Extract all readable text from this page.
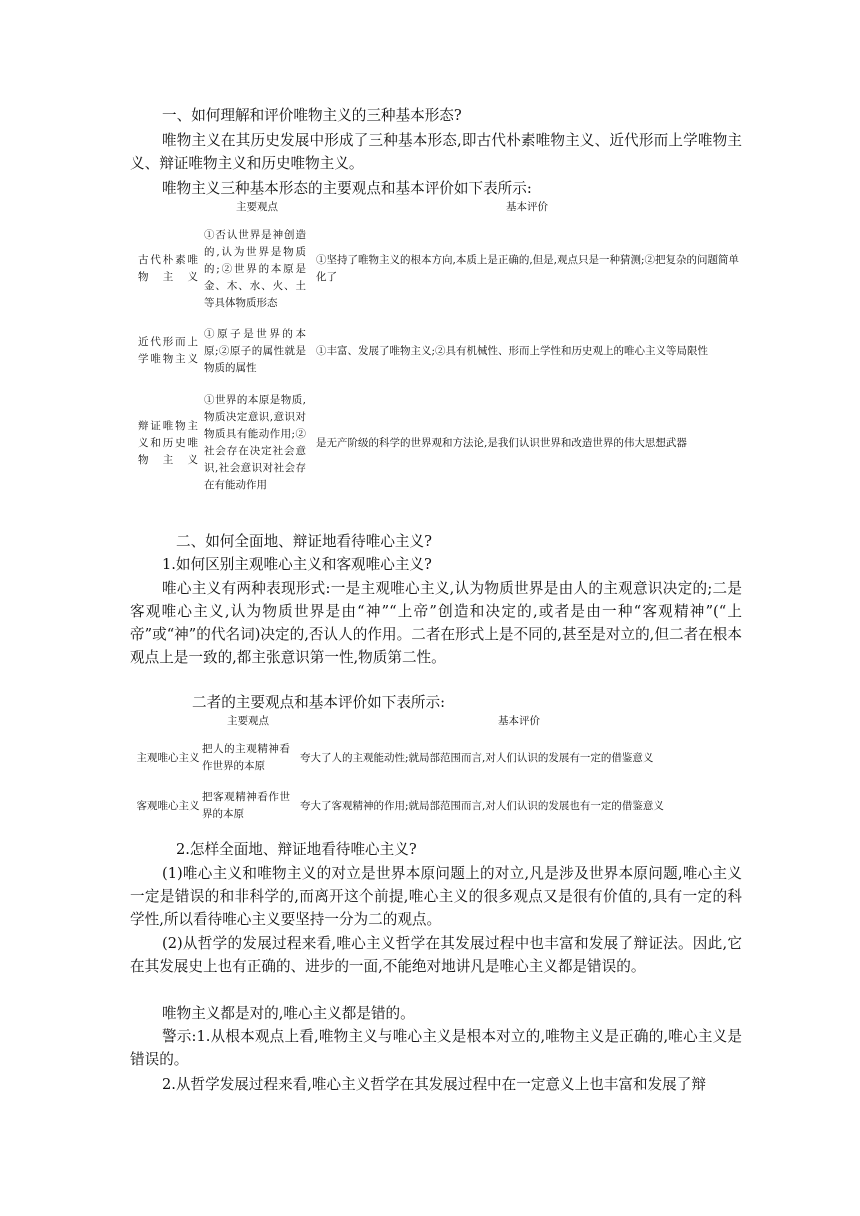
一、如何理解和评价唯物主义的三种基本形态?
唯物主义在其历史发展中形成了三种基本形态,即古代朴素唯物主义、近代形而上学唯物主义、辩证唯物主义和历史唯物主义。
唯物主义三种基本形态的主要观点和基本评价如下表所示:
	主要观点	基本评价
古代朴素唯物主义	①否认世界是神创造的,认为世界是物质的;②世界的本原是金、木、水、火、土等具体物质形态	①坚持了唯物主义的根本方向,本质上是正确的,但是,观点只是一种猜测;②把复杂的问题简单化了
近代形而上学唯物主义	①原子是世界的本原;②原子的属性就是物质的属性	①丰富、发展了唯物主义;②具有机械性、形而上学性和历史观上的唯心主义等局限性
辩证唯物主义和历史唯物主义	①世界的本原是物质,物质决定意识,意识对物质具有能动作用;②社会存在决定社会意识,社会意识对社会存在有能动作用	是无产阶级的科学的世界观和方法论,是我们认识世界和改造世界的伟大思想武器
二、如何全面地、辩证地看待唯心主义?
1.如何区别主观唯心主义和客观唯心主义?
唯心主义有两种表现形式:一是主观唯心主义,认为物质世界是由人的主观意识决定的;二是客观唯心主义,认为物质世界是由“神”“上帝”创造和决定的,或者是由一种“客观精神”(“上帝”或“神”的代名词)决定的,否认人的作用。二者在形式上是不同的,甚至是对立的,但二者在根本观点上是一致的,都主张意识第一性,物质第二性。
二者的主要观点和基本评价如下表所示:
	主要观点	基本评价
主观唯心主义	把人的主观精神看作世界的本原	夸大了人的主观能动性;就局部范围而言,对人们认识的发展有一定的借鉴意义
客观唯心主义	把客观精神看作世界的本原	夸大了客观精神的作用;就局部范围而言,对人们认识的发展也有一定的借鉴意义
2.怎样全面地、辩证地看待唯心主义?
(1)唯心主义和唯物主义的对立是世界本原问题上的对立,凡是涉及世界本原问题,唯心主义一定是错误的和非科学的,而离开这个前提,唯心主义的很多观点又是很有价值的,具有一定的科学性,所以看待唯心主义要坚持一分为二的观点。
(2)从哲学的发展过程来看,唯心主义哲学在其发展过程中也丰富和发展了辩证法。因此,它在其发展史上也有正确的、进步的一面,不能绝对地讲凡是唯心主义都是错误的。
唯物主义都是对的,唯心主义都是错的。
警示:1.从根本观点上看,唯物主义与唯心主义是根本对立的,唯物主义是正确的,唯心主义是错误的。
2.从哲学发展过程来看,唯心主义哲学在其发展过程中在一定意义上也丰富和发展了辩
